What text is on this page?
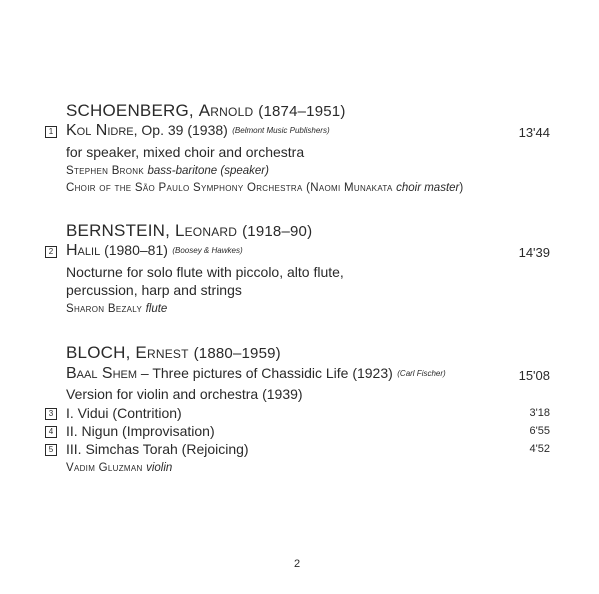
SCHOENBERG, Arnold (1874–1951)
1 Kol Nidre, Op. 39 (1938) (Belmont Music Publishers)	13'44
for speaker, mixed choir and orchestra
Stephen Bronk bass-baritone (speaker)
Choir of the São Paulo Symphony Orchestra (Naomi Munakata choir master)
BERNSTEIN, Leonard (1918–90)
2 Halil (1980–81) (Boosey & Hawkes)	14'39
Nocturne for solo flute with piccolo, alto flute,
percussion, harp and strings
Sharon Bezaly flute
BLOCH, Ernest (1880–1959)
Baal Shem – Three pictures of Chassidic Life (1923) (Carl Fischer)	15'08
Version for violin and orchestra (1939)
3 I. Vidui (Contrition)	3'18
4 II. Nigun (Improvisation)	6'55
5 III. Simchas Torah (Rejoicing)	4'52
Vadim Gluzman violin
2
